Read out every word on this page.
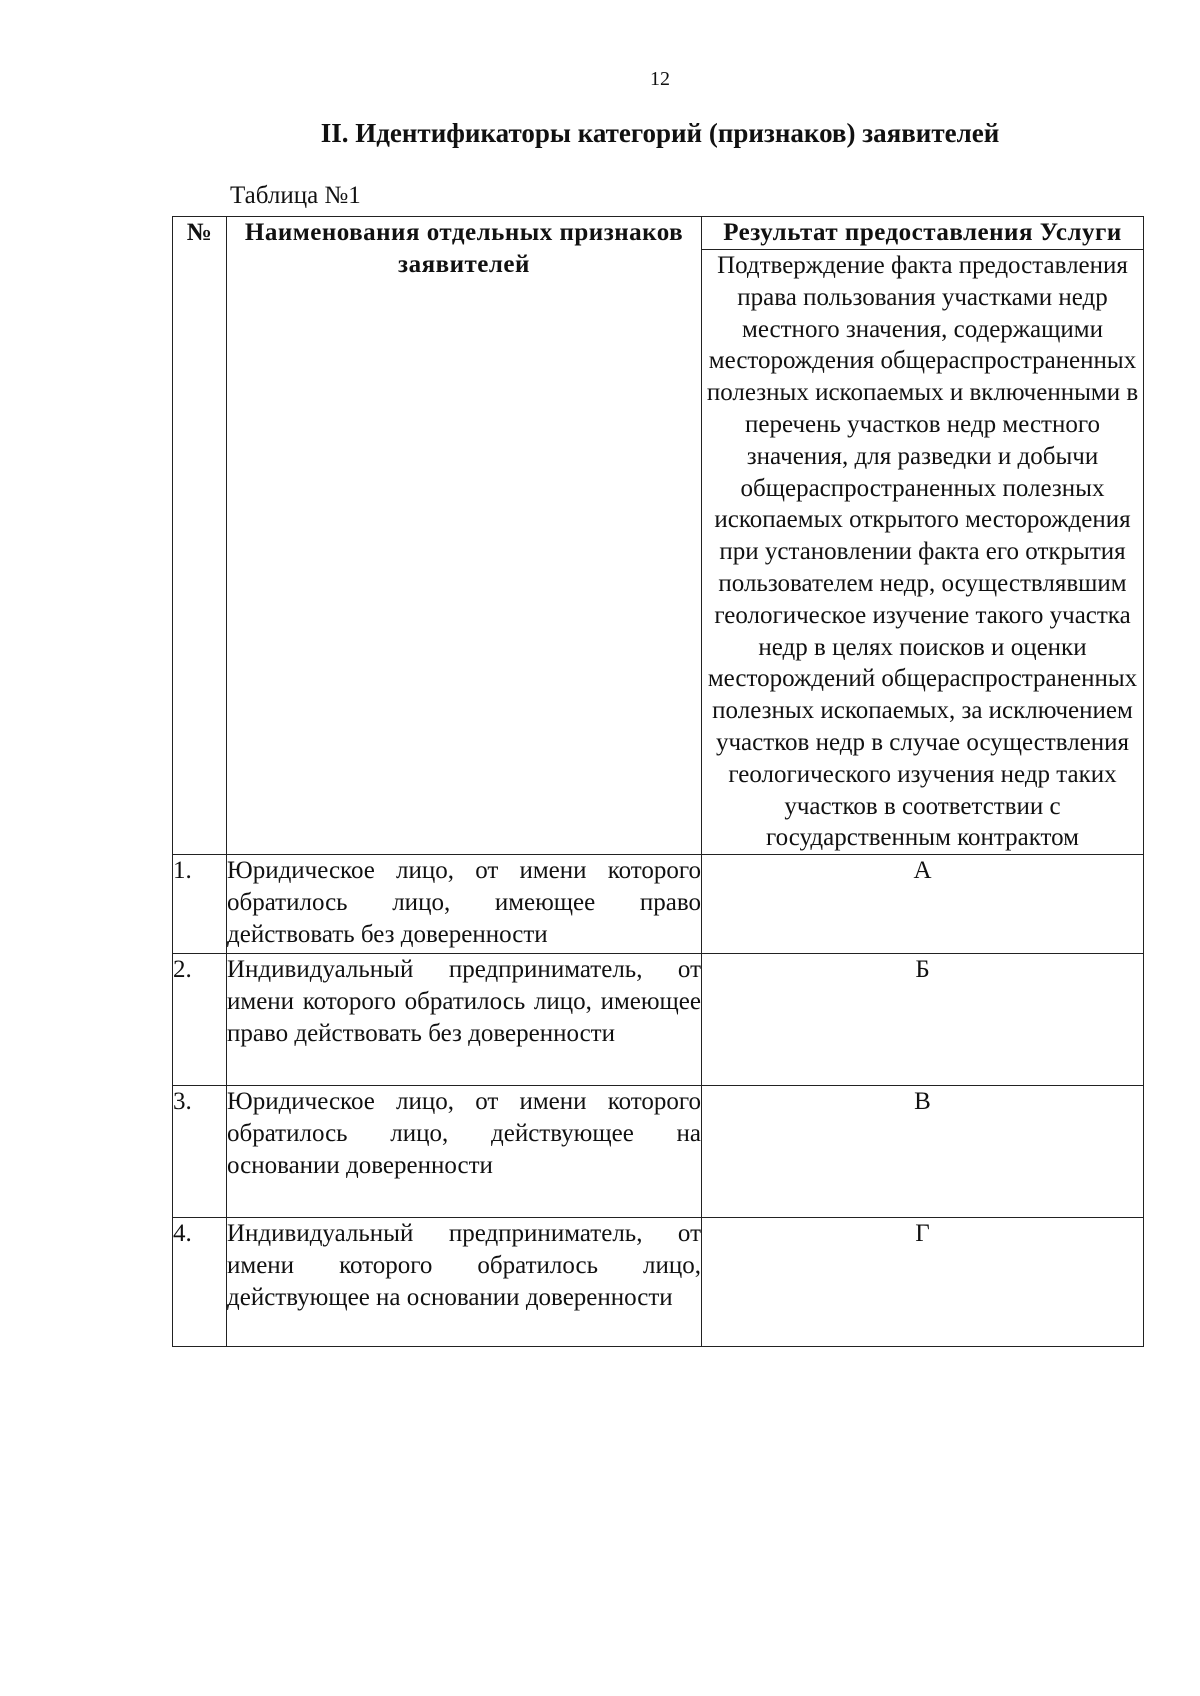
12
II. Идентификаторы категорий (признаков) заявителей
Таблица №1
№	Наименования отдельных признаков заявителей	Результат предоставления Услуги
		Подтверждение факта предоставления права пользования участками недр местного значения, содержащими месторождения общераспространенных полезных ископаемых и включенными в перечень участков недр местного значения, для разведки и добычи общераспространенных полезных ископаемых открытого месторождения при установлении факта его открытия пользователем недр, осуществлявшим геологическое изучение такого участка недр в целях поисков и оценки месторождений общераспространенных полезных ископаемых, за исключением участков недр в случае осуществления геологического изучения недр таких участков в соответствии с государственным контрактом
1.	Юридическое лицо, от имени которого обратилось лицо, имеющее право действовать без доверенности	А
2.	Индивидуальный предприниматель, от имени которого обратилось лицо, имеющее право действовать без доверенности	Б
3.	Юридическое лицо, от имени которого обратилось лицо, действующее на основании доверенности	В
4.	Индивидуальный предприниматель, от имени которого обратилось лицо, действующее на основании доверенности	Г
